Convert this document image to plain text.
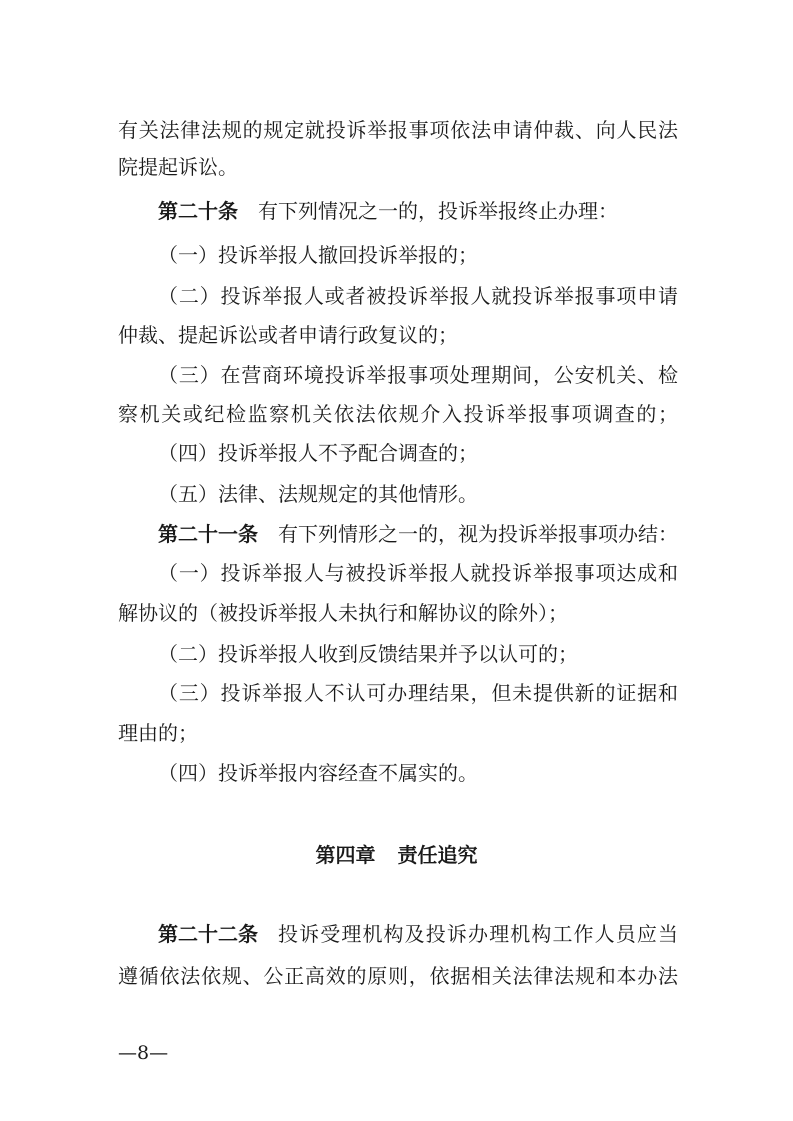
有关法律法规的规定就投诉举报事项依法申请仲裁、向人民法
院提起诉讼。
第二十条 有下列情况之一的，投诉举报终止办理：
（一）投诉举报人撤回投诉举报的；
（二）投诉举报人或者被投诉举报人就投诉举报事项申请
仲裁、提起诉讼或者申请行政复议的；
（三）在营商环境投诉举报事项处理期间，公安机关、检
察机关或纪检监察机关依法依规介入投诉举报事项调查的；
（四）投诉举报人不予配合调查的；
（五）法律、法规规定的其他情形。
第二十一条 有下列情形之一的，视为投诉举报事项办结：
（一）投诉举报人与被投诉举报人就投诉举报事项达成和
解协议的（被投诉举报人未执行和解协议的除外）；
（二）投诉举报人收到反馈结果并予以认可的；
（三）投诉举报人不认可办理结果，但未提供新的证据和
理由的；
（四）投诉举报内容经查不属实的。
第四章 责任追究
第二十二条 投诉受理机构及投诉办理机构工作人员应当
遵循依法依规、公正高效的原则，依据相关法律法规和本办法
—8—
